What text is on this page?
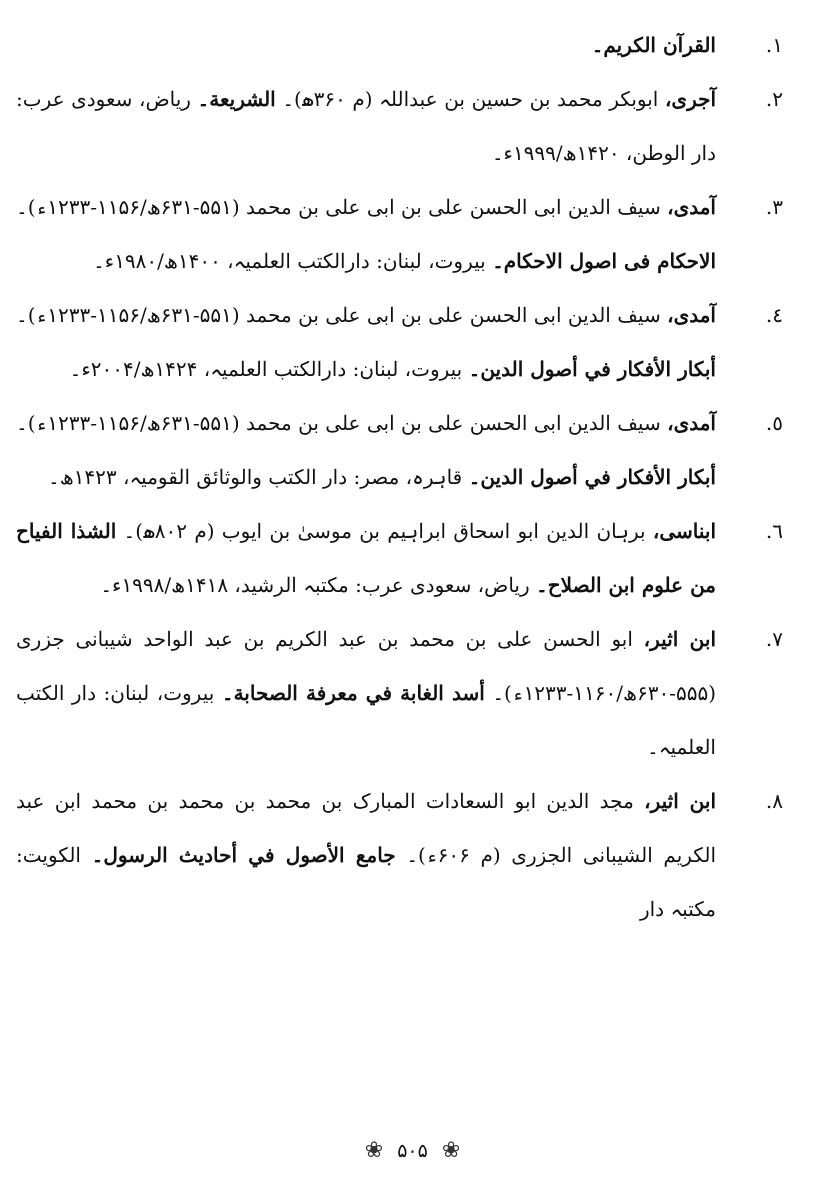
۱.
القرآن الكريم۔
۲.
آجری، ابوبکر محمد بن حسین بن عبداللہ (م ۳۶۰ھ)۔ الشریعة۔ ریاض، سعودی عرب: دار الوطن، ۱۴۲۰ھ/۱۹۹۹ء۔
۳.
آمدی، سیف الدین ابی الحسن علی بن ابی علی بن محمد (۵۵۱-۶۳۱ھ/۱۱۵۶-۱۲۳۳ء)۔ الاحکام فی اصول الاحکام۔ بیروت، لبنان: دارالکتب العلمیہ، ۱۴۰۰ھ/۱۹۸۰ء۔
٤.
آمدی، سیف الدین ابی الحسن علی بن ابی علی بن محمد (۵۵۱-۶۳۱ھ/۱۱۵۶-۱۲۳۳ء)۔ أبكار الأفكار في أصول الدين۔ بیروت، لبنان: دارالکتب العلمیہ، ۱۴۲۴ھ/۲۰۰۴ء۔
٥.
آمدی، سیف الدین ابی الحسن علی بن ابی علی بن محمد (۵۵۱-۶۳۱ھ/۱۱۵۶-۱۲۳۳ء)۔ أبكار الأفكار في أصول الدين۔ قاہرہ، مصر: دار الکتب والوثائق القومیہ، ۱۴۲۳ھ۔
٦.
ابناسی، برہان الدین ابو اسحاق ابراہیم بن موسیٰ بن ایوب (م ۸۰۲ھ)۔ الشذا الفیاح من علوم ابن الصلاح۔ ریاض، سعودی عرب: مکتبہ الرشید، ۱۴۱۸ھ/۱۹۹۸ء۔
٧.
ابن اثیر، ابو الحسن علی بن محمد بن عبد الکریم بن عبد الواحد شیبانی جزری (۵۵۵-۶۳۰ھ/۱۱۶۰-۱۲۳۳ء)۔ أسد الغابة في معرفة الصحابة۔ بیروت، لبنان: دار الکتب العلمیہ۔
٨.
ابن اثیر، مجد الدین ابو السعادات المبارک بن محمد بن محمد بن محمد ابن عبد الکریم الشیبانی الجزری (م ۶۰۶ء)۔ جامع الأصول في أحاديث الرسول۔ الکویت: مکتبہ دار
❀ ۵۰۵ ❀
